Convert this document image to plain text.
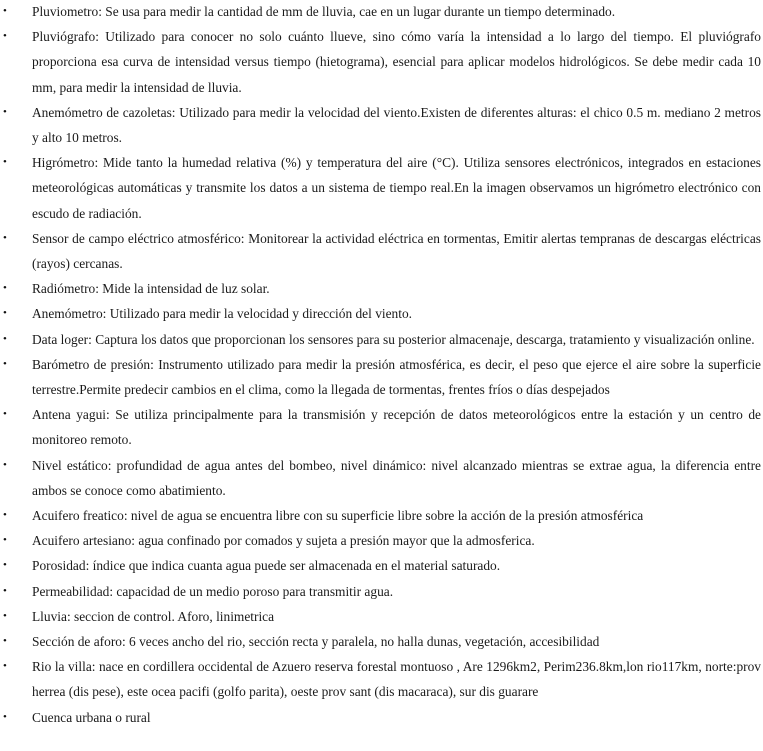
• Pluviometro: Se usa para medir la cantidad de mm de lluvia, cae en un lugar durante un tiempo determinado.
• Pluviógrafo: Utilizado para conocer no solo cuánto llueve, sino cómo varía la intensidad a lo largo del tiempo. El pluviógrafo proporciona esa curva de intensidad versus tiempo (hietograma), esencial para aplicar modelos hidrológicos. Se debe medir cada 10 mm, para medir la intensidad de lluvia.
• Anemómetro de cazoletas: Utilizado para medir la velocidad del viento.Existen de diferentes alturas: el chico 0.5 m. mediano 2 metros y alto 10 metros.
• Higrómetro: Mide tanto la humedad relativa (%) y temperatura del aire (°C). Utiliza sensores electrónicos, integrados en estaciones meteorológicas automáticas y transmite los datos a un sistema de tiempo real.En la imagen observamos un higrómetro electrónico con escudo de radiación.
• Sensor de campo eléctrico atmosférico: Monitorear la actividad eléctrica en tormentas, Emitir alertas tempranas de descargas eléctricas (rayos) cercanas.
• Radiómetro: Mide la intensidad de luz solar.
• Anemómetro: Utilizado para medir la velocidad y dirección del viento.
• Data loger: Captura los datos que proporcionan los sensores para su posterior almacenaje, descarga, tratamiento y visualización online.
• Barómetro de presión: Instrumento utilizado para medir la presión atmosférica, es decir, el peso que ejerce el aire sobre la superficie terrestre.Permite predecir cambios en el clima, como la llegada de tormentas, frentes fríos o días despejados
• Antena yagui: Se utiliza principalmente para la transmisión y recepción de datos meteorológicos entre la estación y un centro de monitoreo remoto.
• Nivel estático: profundidad de agua antes del bombeo, nivel dinámico: nivel alcanzado mientras se extrae agua, la diferencia entre ambos se conoce como abatimiento.
• Acuifero freatico: nivel de agua se encuentra libre con su superficie libre sobre la acción de la presión atmosférica
• Acuifero artesiano: agua confinado por comados y sujeta a presión mayor que la admosferica.
• Porosidad: índice que indica cuanta agua puede ser almacenada en el material saturado.
• Permeabilidad: capacidad de un medio poroso para transmitir agua.
• Lluvia: seccion de control. Aforo, linimetrica
• Sección de aforo: 6 veces ancho del rio, sección recta y paralela, no halla dunas, vegetación, accesibilidad
• Rio la villa: nace en cordillera occidental de Azuero reserva forestal montuoso , Are 1296km2, Perim236.8km,lon rio117km, norte:prov herrea (dis pese), este ocea pacifi (golfo parita), oeste prov sant (dis macaraca), sur dis guarare
• Cuenca urbana o rural
